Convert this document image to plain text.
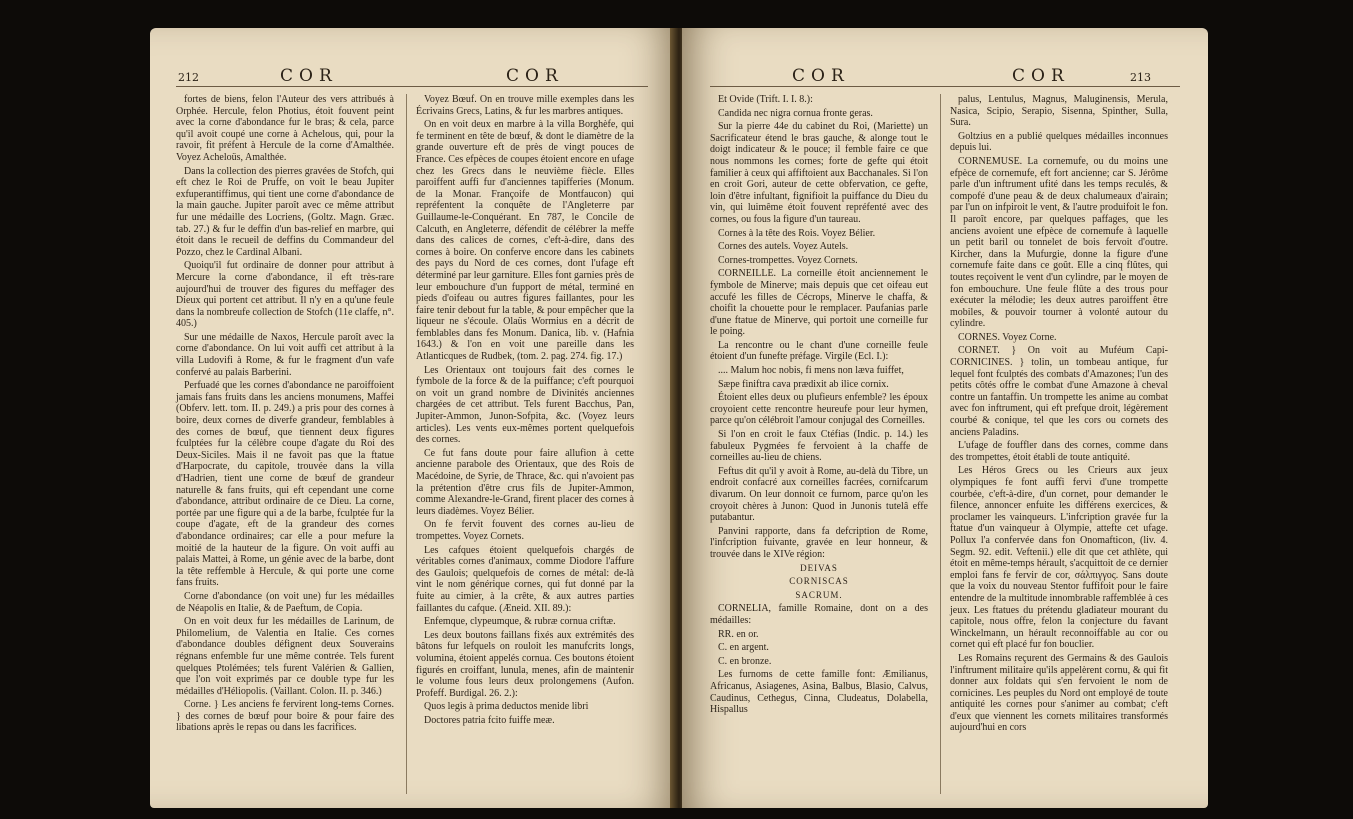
212	COR	COR

fortes de biens, felon l'Auteur des vers attribués à Orphée. Hercule, felon Photius, étoit fouvent peint avec la corne d'abondance fur le bras; & cela, parce qu'il avoit coupé une corne à Achelous, qui, pour la ravoir, fit préfent à Hercule de la corne d'Amalthée. Voyez Acheloüs, Amalthée.

Dans la collection des pierres gravées de Stofch, qui eft chez le Roi de Pruffe, on voit le beau Jupiter exfuperantiffimus, qui tient une corne d'abondance de la main gauche. Jupiter paroît avec ce même attribut fur une médaille des Locriens, (Goltz. Magn. Græc. tab. 27.) & fur le deffin d'un bas-relief en marbre, qui étoit dans le recueil de deffins du Commandeur del Pozzo, chez le Cardinal Albani.

Quoiqu'il fut ordinaire de donner pour attribut à Mercure la corne d'abondance, il eft très-rare aujourd'hui de trouver des figures du meffager des Dieux qui portent cet attribut. Il n'y en a qu'une feule dans la nombreufe collection de Stofch (11e claffe, n°. 405.)

Sur une médaille de Naxos, Hercule paroît avec la corne d'abondance. On lui voit auffi cet attribut à la villa Ludovifi à Rome, & fur le fragment d'un vafe confervé au palais Barberini.

Perfuadé que les cornes d'abondance ne paroiffoient jamais fans fruits dans les anciens monumens, Maffei (Obferv. lett. tom. II. p. 249.) a pris pour des cornes à boire, deux cornes de diverfe grandeur, femblables à des cornes de bœuf, que tiennent deux figures fculptées fur la célèbre coupe d'agate du Roi des Deux-Siciles. Mais il ne favoit pas que la ftatue d'Harpocrate, du capitole, trouvée dans la villa d'Hadrien, tient une corne de bœuf de grandeur naturelle & fans fruits, qui eft cependant une corne d'abondance, attribut ordinaire de ce Dieu. La corne, portée par une figure qui a de la barbe, fculptée fur la coupe d'agate, eft de la grandeur des cornes d'abondance ordinaires; car elle a pour mefure la moitié de la hauteur de la figure. On voit auffi au palais Mattei, à Rome, un génie avec de la barbe, dont la tête reffemble à Hercule, & qui porte une corne fans fruits.

Corne d'abondance (on voit une) fur les médailles de Néapolis en Italie, & de Paeftum, de Copia.

On en voit deux fur les médailles de Larinum, de Philomelium, de Valentia en Italie. Ces cornes d'abondance doubles défignent deux Souverains régnans enfemble fur une même contrée. Tels furent quelques Ptolémées; tels furent Valérien & Gallien, que l'on voit exprimés par ce double type fur les médailles d'Héliopolis. (Vaillant. Colon. II. p. 346.)

Corne. } Les anciens fe fervirent long-tems Cornes. } des cornes de bœuf pour boire & pour faire des libations après le repas ou dans les facrifices.

Voyez Bœuf. On en trouve mille exemples dans les Écrivains Grecs, Latins, & fur les marbres antiques.

On en voit deux en marbre à la villa Borghèfe, qui fe terminent en tête de bœuf, & dont le diamètre de la grande ouverture eft de près de vingt pouces de France. Ces efpèces de coupes étoient encore en ufage chez les Grecs dans le neuvième fiècle. Elles paroiffent auffi fur d'anciennes tapifferies (Monum. de la Monar. Françoife de Montfaucon) qui repréfentent la conquête de l'Angleterre par Guillaume-le-Conquérant. En 787, le Concile de Calcuth, en Angleterre, défendit de célébrer la meffe dans des calices de cornes, c'eft-à-dire, dans des cornes à boire. On conferve encore dans les cabinets des pays du Nord de ces cornes, dont l'ufage eft déterminé par leur garniture. Elles font garnies près de leur embouchure d'un fupport de métal, terminé en pieds d'oifeau ou autres figures faillantes, pour les faire tenir debout fur la table, & pour empêcher que la liqueur ne s'écoule. Olaüs Wormius en a décrit de femblables dans fes Monum. Danica, lib. v. (Hafnia 1643.) & l'on en voit une pareille dans les Atlanticques de Rudbek, (tom. 2. pag. 274. fig. 17.)

Les Orientaux ont toujours fait des cornes le fymbole de la force & de la puiffance; c'eft pourquoi on voit un grand nombre de Divinités anciennes chargées de cet attribut. Tels furent Bacchus, Pan, Jupiter-Ammon, Junon-Sofpita, &c. (Voyez leurs articles). Les vents eux-mêmes portent quelquefois des cornes.

Ce fut fans doute pour faire allufion à cette ancienne parabole des Orientaux, que des Rois de Macédoine, de Syrie, de Thrace, &c. qui n'avoient pas la prétention d'être crus fils de Jupiter-Ammon, comme Alexandre-le-Grand, firent placer des cornes à leurs diadèmes. Voyez Bélier.

On fe fervit fouvent des cornes au-lieu de trompettes. Voyez Cornets.

Les cafques étoient quelquefois chargés de véritables cornes d'animaux, comme Diodore l'affure des Gaulois; quelquefois de cornes de métal: de-là vint le nom générique cornes, qui fut donné par la fuite au cimier, à la crête, & aux autres parties faillantes du cafque. (Æneid. XII. 89.):

Enfemque, clypeumque, & rubræ cornua criftæ.

Les deux boutons faillans fixés aux extrémités des bâtons fur lefquels on rouloit les manufcrits longs, volumina, étoient appelés cornua. Ces boutons étoient figurés en croiffant, lunula, menes, afin de maintenir le volume fous leurs deux prolongemens (Aufon. Profeff. Burdigal. 26. 2.):

Quos legis à prima deductos menide libri

Doctores patria fcito fuiffe meæ.

COR	COR	213

Et Ovide (Trift. I. I. 8.):

Candida nec nigra cornua fronte geras.

Sur la pierre 44e du cabinet du Roi, (Mariette) un Sacrificateur étend le bras gauche, & alonge tout le doigt indicateur & le pouce; il femble faire ce que nous nommons les cornes; forte de gefte qui étoit familier à ceux qui affiftoient aux Bacchanales. Si l'on en croit Gori, auteur de cette obfervation, ce gefte, loin d'être infultant, fignifioit la puiffance du Dieu du vin, qui luimême étoit fouvent repréfenté avec des cornes, ou fous la figure d'un taureau.

Cornes à la tête des Rois. Voyez Bélier.

Cornes des autels. Voyez Autels.

Cornes-trompettes. Voyez Cornets.

CORNEILLE. La corneille étoit anciennement le fymbole de Minerve; mais depuis que cet oifeau eut accufé les filles de Cécrops, Minerve le chaffa, & choifit la chouette pour le remplacer. Paufanias parle d'une ftatue de Minerve, qui portoit une corneille fur le poing.

La rencontre ou le chant d'une corneille feule étoient d'un funefte préfage. Virgile (Ecl. I.):

.... Malum hoc nobis, fi mens non læva fuiffet,

Sæpe finiftra cava prædixit ab ilice cornix.

Étoient elles deux ou plufieurs enfemble? les époux croyoient cette rencontre heureufe pour leur hymen, parce qu'on célébroit l'amour conjugal des Corneilles.

Si l'on en croit le faux Ctéfias (Indic. p. 14.) les fabuleux Pygmées fe fervoient à la chaffe de corneilles au-lieu de chiens.

Feftus dit qu'il y avoit à Rome, au-delà du Tibre, un endroit confacré aux corneilles facrées, cornifcarum divarum. On leur donnoit ce furnom, parce qu'on les croyoit chères à Junon: Quod in Junonis tutelâ effe putabantur.

Panvini rapporte, dans fa defcription de Rome, l'infcription fuivante, gravée en leur honneur, & trouvée dans le XIVe région:

DEIVAS

CORNISCAS

SACRUM.

CORNELIA, famille Romaine, dont on a des médailles:

RR. en or.

C. en argent.

C. en bronze.

Les furnoms de cette famille font: Æmilianus, Africanus, Asiagenes, Asina, Balbus, Blasio, Calvus, Caudinus, Cethegus, Cinna, Cludeatus, Dolabella, Hispallus

palus, Lentulus, Magnus, Maluginensis, Merula, Nasica, Scipio, Serapio, Sisenna, Spinther, Sulla, Sura.

Goltzius en a publié quelques médailles inconnues depuis lui.

CORNEMUSE. La cornemufe, ou du moins une efpèce de cornemufe, eft fort ancienne; car S. Jérôme parle d'un inftrument ufité dans les temps reculés, & compofé d'une peau & de deux chalumeaux d'airain; par l'un on infpiroit le vent, & l'autre produifoit le fon. Il paroît encore, par quelques paffages, que les anciens avoient une efpèce de cornemufe à laquelle un petit baril ou tonnelet de bois fervoit d'outre. Kircher, dans la Mufurgie, donne la figure d'une cornemufe faite dans ce goût. Elle a cinq flûtes, qui toutes reçoivent le vent d'un cylindre, par le moyen de fon embouchure. Une feule flûte a des trous pour exécuter la mélodie; les deux autres paroiffent être mobiles, & pouvoir tourner à volonté autour du cylindre.

CORNES. Voyez Corne.

CORNET. } On voit au Muféum Capi- CORNICINES. } tolin, un tombeau antique, fur lequel font fculptés des combats d'Amazones; l'un des petits côtés offre le combat d'une Amazone à cheval contre un fantaffin. Un trompette les anime au combat avec fon inftrument, qui eft prefque droit, légèrement courbé & conique, tel que les cors ou cornets des anciens Paladins.

L'ufage de fouffler dans des cornes, comme dans des trompettes, étoit établi de toute antiquité.

Les Héros Grecs ou les Crieurs aux jeux olympiques fe font auffi fervi d'une trompette courbée, c'eft-à-dire, d'un cornet, pour demander le filence, annoncer enfuite les différens exercices, & proclamer les vainqueurs. L'infcription gravée fur la ftatue d'un vainqueur à Olympie, attefte cet ufage. Pollux l'a confervée dans fon Onomafticon, (liv. 4. Segm. 92. edit. Veftenii.) elle dit que cet athlète, qui étoit en même-temps hérault, s'acquittoit de ce dernier emploi fans fe fervir de cor, σάλπιγγος. Sans doute que la voix du nouveau Stentor fuffifoit pour le faire entendre de la multitude innombrable raffemblée à ces jeux. Les ftatues du prétendu gladiateur mourant du capitole, nous offre, felon la conjecture du favant Winckelmann, un hérault reconnoiffable au cor ou cornet qui eft placé fur fon bouclier.

Les Romains reçurent des Germains & des Gaulois l'inftrument militaire qu'ils appelèrent cornu, & qui fit donner aux foldats qui s'en fervoient le nom de cornicines. Les peuples du Nord ont employé de toute antiquité les cornes pour s'animer au combat; c'eft d'eux que viennent les cornets militaires transformés aujourd'hui en cors
